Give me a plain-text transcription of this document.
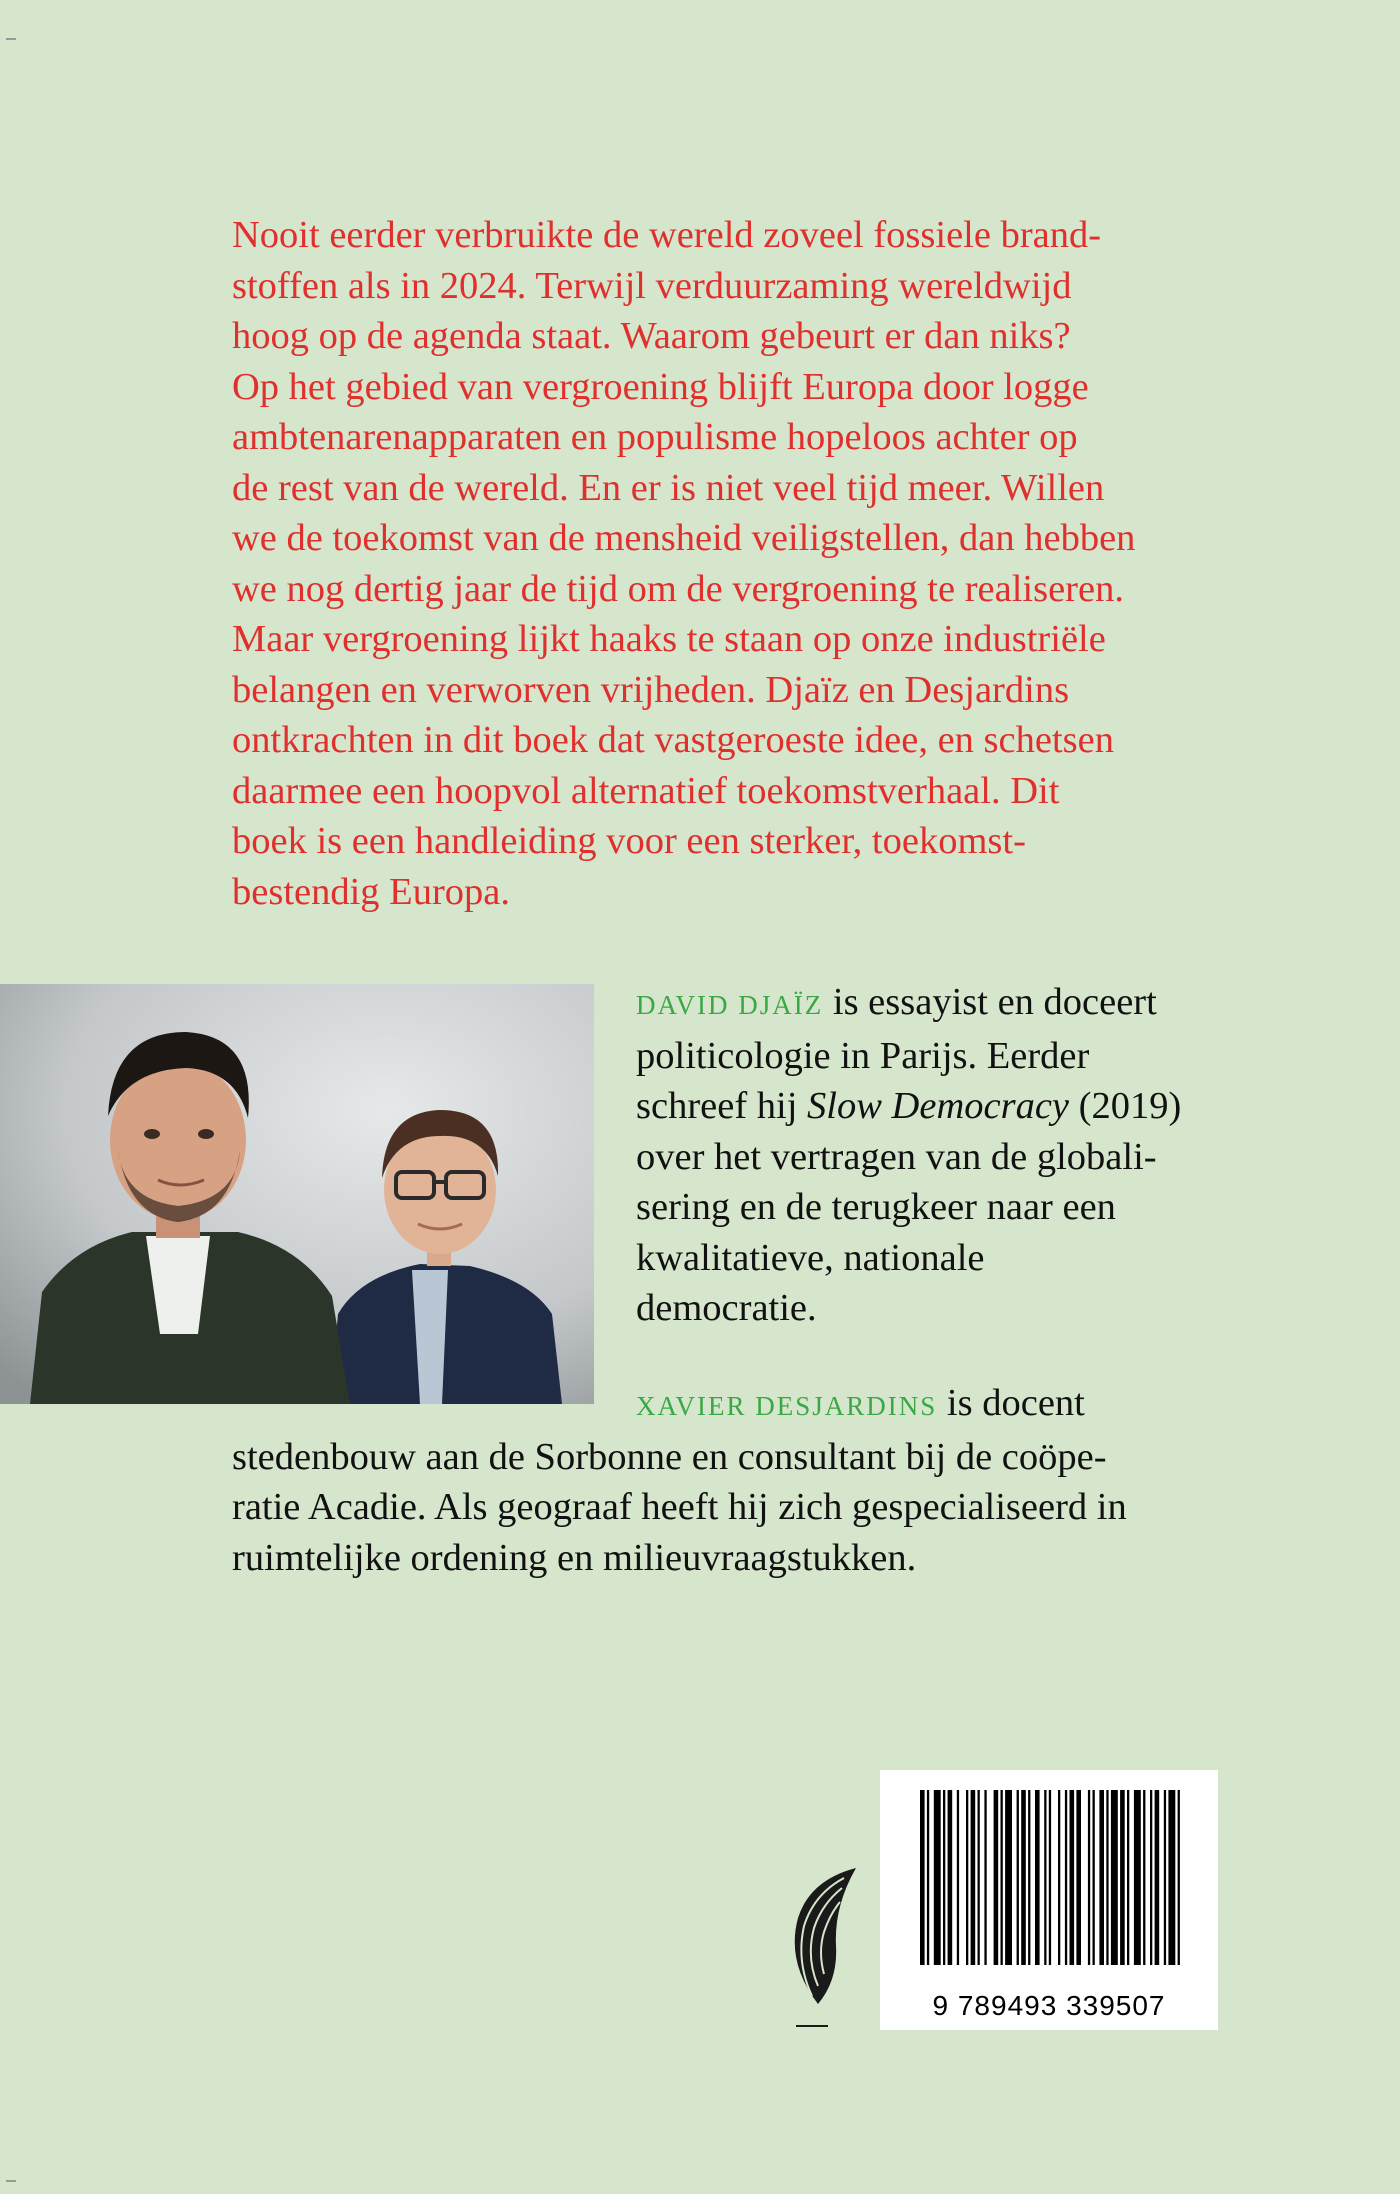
Nooit eerder verbruikte de wereld zoveel fossiele brand-
stoffen als in 2024. Terwijl verduurzaming wereldwijd
hoog op de agenda staat. Waarom gebeurt er dan niks?
Op het gebied van vergroening blijft Europa door logge
ambtenarenapparaten en populisme hopeloos achter op
de rest van de wereld. En er is niet veel tijd meer. Willen
we de toekomst van de mensheid veiligstellen, dan hebben
we nog dertig jaar de tijd om de vergroening te realiseren.
Maar vergroening lijkt haaks te staan op onze industriële
belangen en verworven vrijheden. Djaïz en Desjardins
ontkrachten in dit boek dat vastgeroeste idee, en schetsen
daarmee een hoopvol alternatief toekomstverhaal. Dit
boek is een handleiding voor een sterker, toekomst-
bestendig Europa.
DAVID DJAÏZ is essayist en doceert
politicologie in Parijs. Eerder
schreef hij Slow Democracy (2019)
over het vertragen van de globali-
sering en de terugkeer naar een
kwalitatieve, nationale
democratie.
XAVIER DESJARDINS is docent
stedenbouw aan de Sorbonne en consultant bij de coöpe-
ratie Acadie. Als geograaf heeft hij zich gespecialiseerd in
ruimtelijke ordening en milieuvraagstukken.
9 789493 339507
